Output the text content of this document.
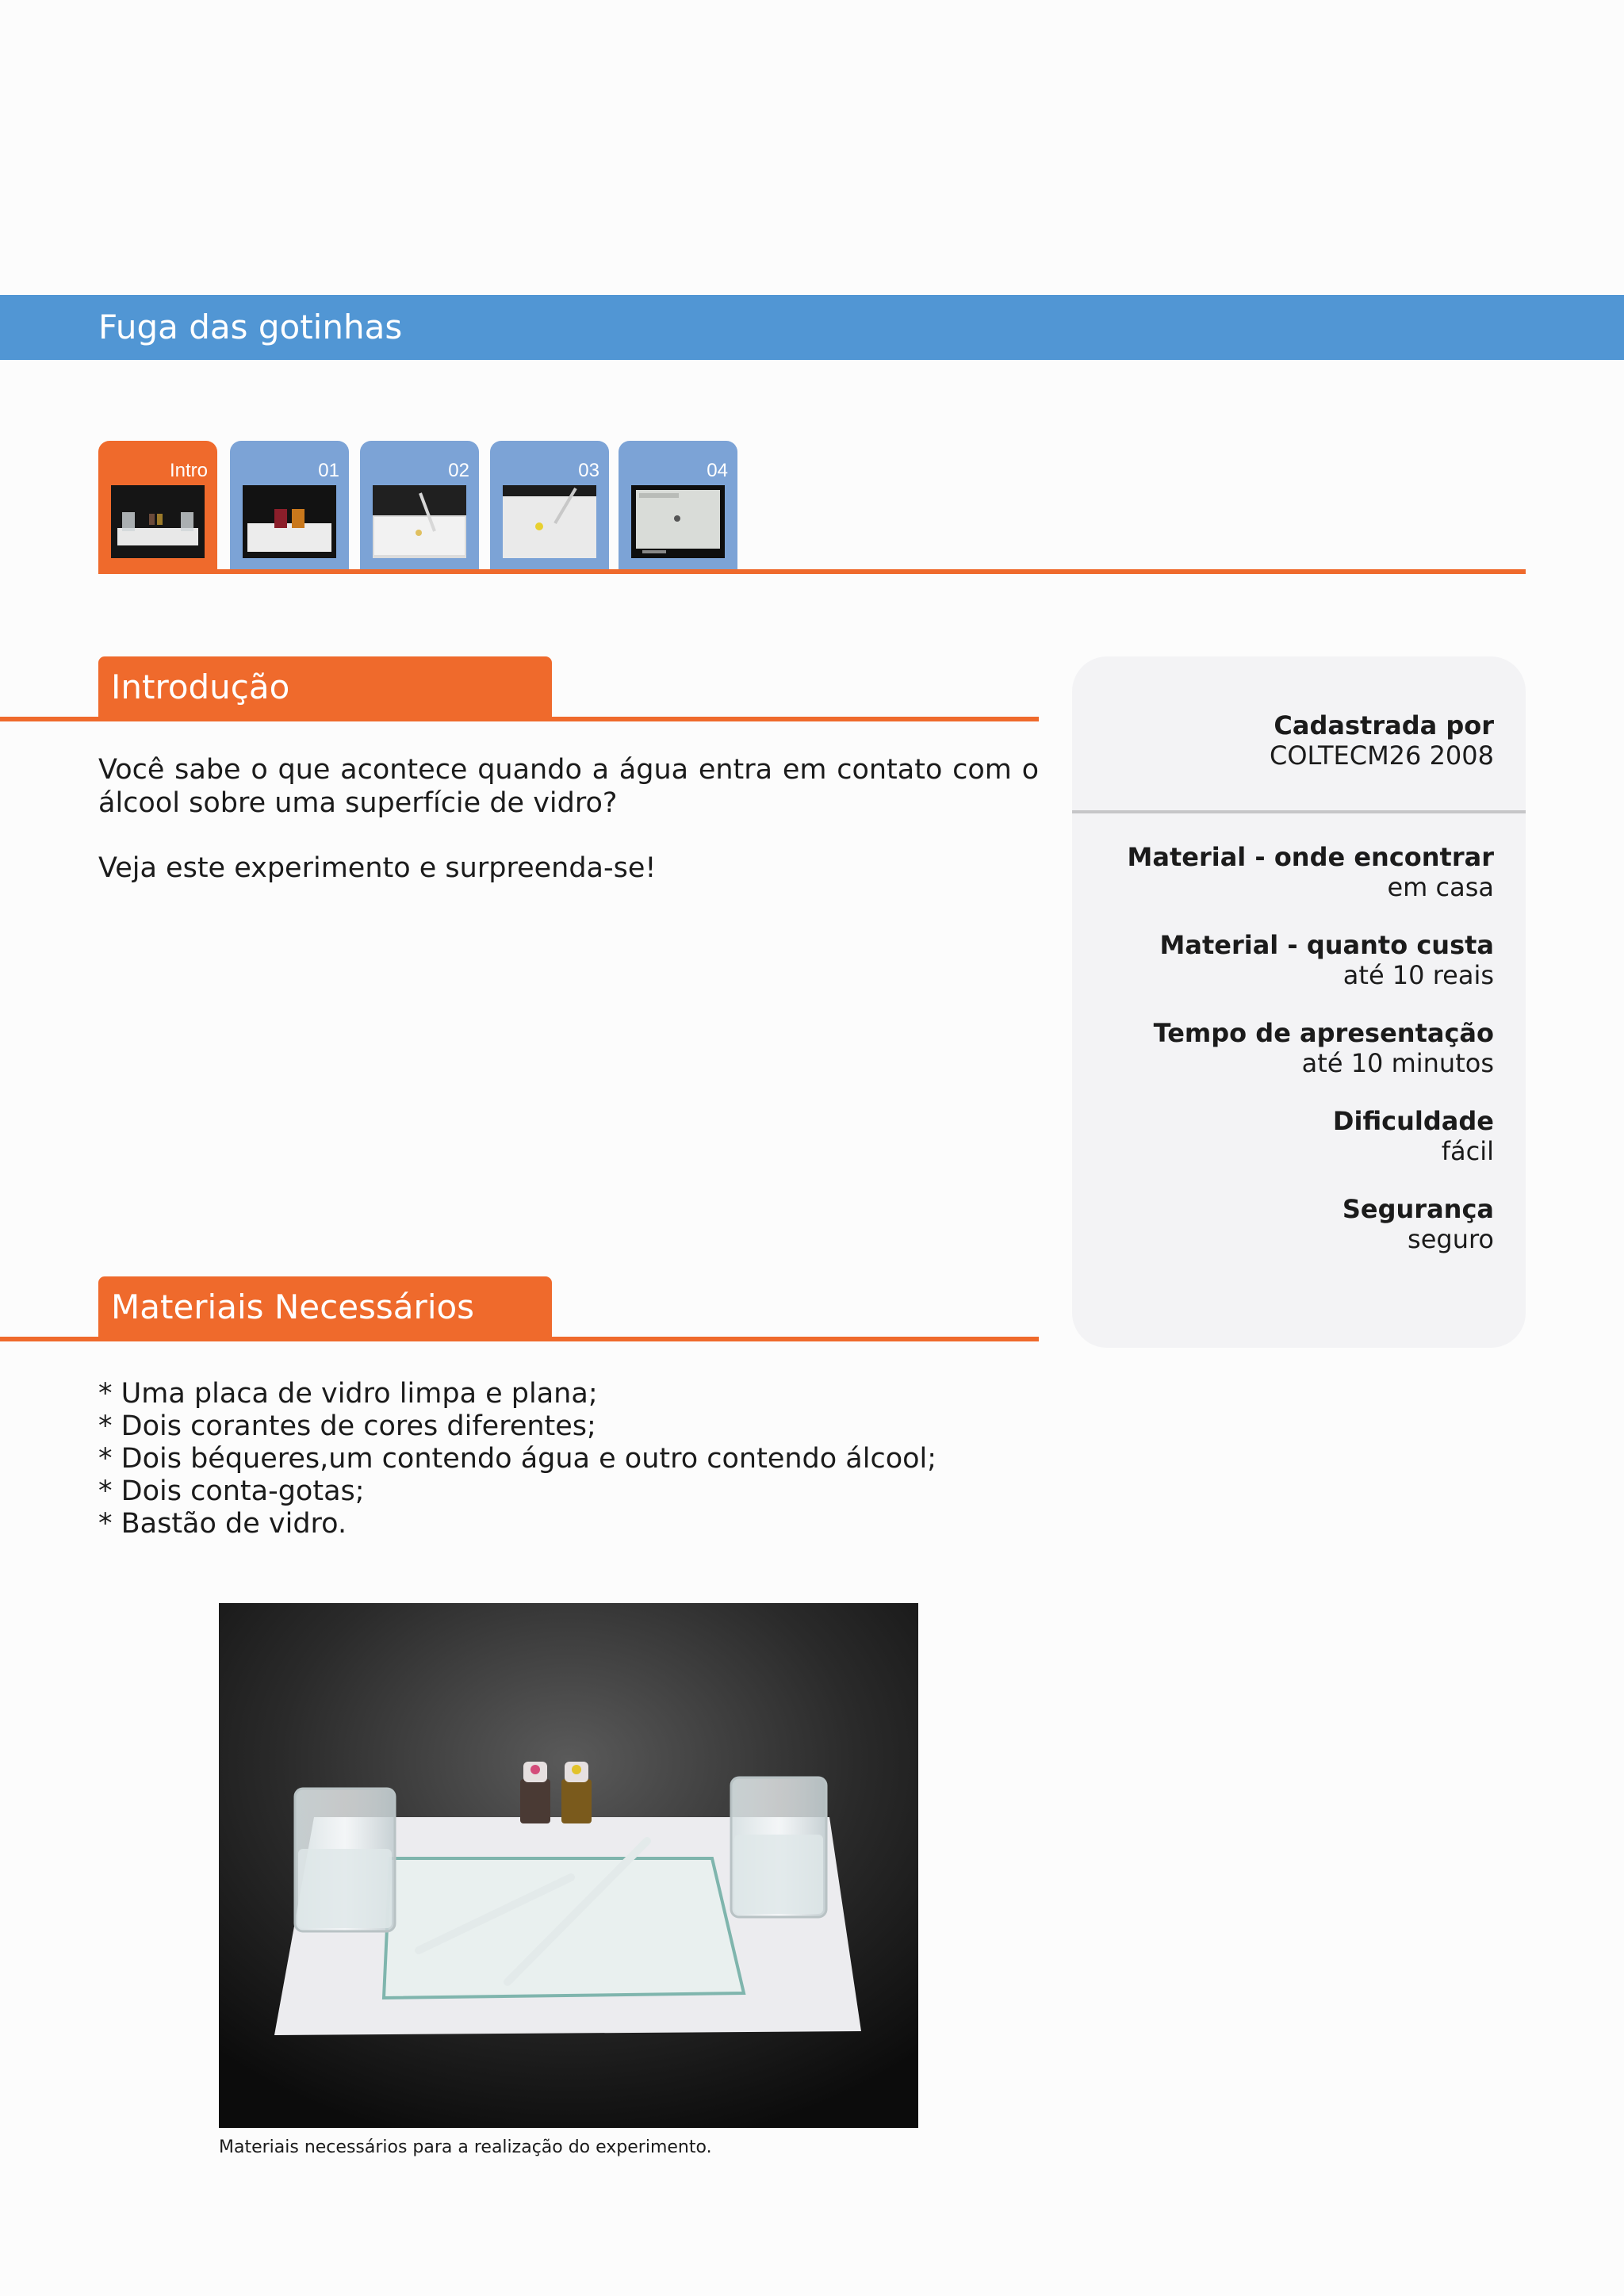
Fuga das gotinhas
Intro	01	02	03	04
Introdução

Você sabe o que acontece quando a água entra em contato com o álcool sobre uma superfície de vidro?

Veja este experimento e surpreenda-se!

Cadastrada por
COLTECM26 2008
Material - onde encontrar
em casa
Material - quanto custa
até 10 reais
Tempo de apresentação
até 10 minutos
Dificuldade
fácil
Segurança
seguro
Materiais Necessários
* Uma placa de vidro limpa e plana;
* Dois corantes de cores diferentes;
* Dois béqueres,um contendo água e outro contendo álcool;
* Dois conta-gotas;
* Bastão de vidro.
Materiais necessários para a realização do experimento.
